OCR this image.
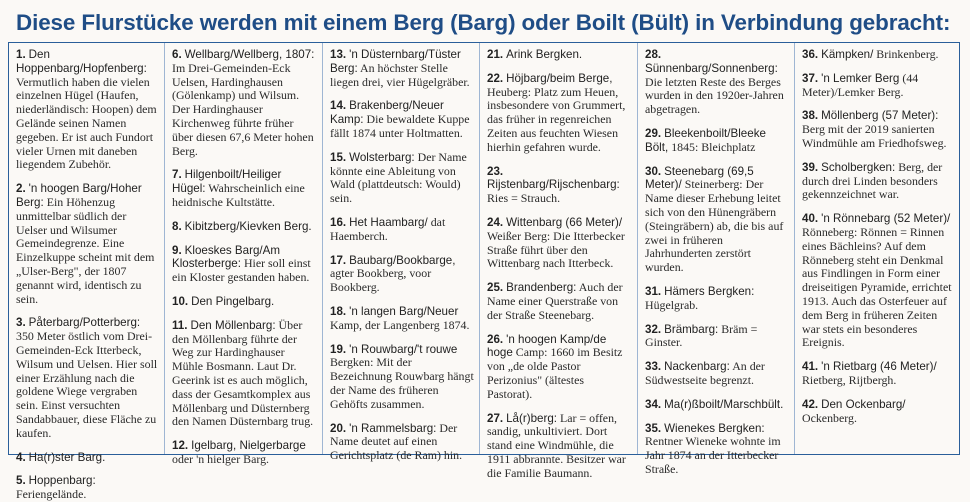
Diese Flurstücke werden mit einem Berg (Barg) oder Boilt (Bült) in Verbindung gebracht:
1. Den Hoppenbarg/Hopfenberg: Vermutlich haben die vielen einzelnen Hügel (Haufen, niederländisch: Hoopen) dem Gelände seinen Namen gegeben. Er ist auch Fundort vieler Urnen mit daneben liegendem Zubehör.
2. 'n hoogen Barg/Hoher Berg: Ein Höhenzug unmittelbar südlich der Uelser und Wilsumer Gemeindegrenze. Eine Einzelkuppe scheint mit dem „Ulser-Berg", der 1807 genannt wird, identisch zu sein.
3. Påterbarg/Potterberg: 350 Meter östlich vom Drei-Gemeinden-Eck Itterbeck, Wilsum und Uelsen. Hier soll einer Erzählung nach die goldene Wiege vergraben sein. Einst versuchten Sandabbauer, diese Fläche zu kaufen.
4. Ha(r)ster Barg.
5. Hoppenbarg: Feriengelände.
6. Wellbarg/Wellberg, 1807: Im Drei-Gemeinden-Eck Uelsen, Hardinghausen (Gölenkamp) und Wilsum. Der Hardinghauser Kirchenweg führte früher über diesen 67,6 Meter hohen Berg.
7. Hilgenboilt/Heiliger Hügel: Wahrscheinlich eine heidnische Kultstätte.
8. Kibitzberg/Kievken Berg.
9. Kloeskes Barg/Am Klosterberge: Hier soll einst ein Kloster gestanden haben.
10. Den Pingelbarg.
11. Den Möllenbarg: Über den Möllenbarg führte der Weg zur Hardinghauser Mühle Bosmann. Laut Dr. Geerink ist es auch möglich, dass der Gesamtkomplex aus Möllenbarg und Düsternberg den Namen Düsternbarg trug.
12. Igelbarg, Nielgerbarge oder 'n hielger Barg.
13. 'n Düsternbarg/Tüster Berg: An höchster Stelle liegen drei, vier Hügelgräber.
14. Brakenberg/Neuer Kamp: Die bewaldete Kuppe fällt 1874 unter Holtmatten.
15. Wolsterbarg: Der Name könnte eine Ableitung von Wald (plattdeutsch: Would) sein.
16. Het Haambarg/ dat Haemberch.
17. Baubarg/Bookbarge, agter Bookberg, voor Bookberg.
18. 'n langen Barg/Neuer Kamp, der Langenberg 1874.
19. 'n Rouwbarg/'t rouwe Bergken: Mit der Bezeichnung Rouwbarg hängt der Name des früheren Gehöfts zusammen.
20. 'n Rammelsbarg: Der Name deutet auf einen Gerichtsplatz (de Ram) hin.
21. Arink Bergken.
22. Höjbarg/beim Berge, Heuberg: Platz zum Heuen, insbesondere von Grummert, das früher in regenreichen Zeiten aus feuchten Wiesen hierhin gefahren wurde.
23. Rijstenbarg/Rijschenbarg: Ries = Strauch.
24. Wittenbarg (66 Meter)/ Weißer Berg: Die Itterbecker Straße führt über den Wittenbarg nach Itterbeck.
25. Brandenberg: Auch der Name einer Querstraße von der Straße Steenebarg.
26. 'n hoogen Kamp/de hoge Camp: 1660 im Besitz von „de olde Pastor Perizonius" (ältestes Pastorat).
27. Lå(r)berg: Lar = offen, sandig, unkultiviert. Dort stand eine Windmühle, die 1911 abbrannte. Besitzer war die Familie Baumann.
28. Sünnenbarg/Sonnenberg: Die letzten Reste des Berges wurden in den 1920er-Jahren abgetragen.
29. Bleekenboilt/Bleeke Bölt, 1845: Bleichplatz
30. Steenebarg (69,5 Meter)/ Steinerberg: Der Name dieser Erhebung leitet sich von den Hünengräbern (Steingräbern) ab, die bis auf zwei in früheren Jahrhunderten zerstört wurden.
31. Hämers Bergken: Hügelgrab.
32. Brämbarg: Bräm = Ginster.
33. Nackenbarg: An der Südwestseite begrenzt.
34. Ma(r)ßboilt/Marschbült.
35. Wienekes Bergken: Rentner Wieneke wohnte im Jahr 1874 an der Itterbecker Straße.
36. Kämpken/ Brinkenberg.
37. 'n Lemker Berg (44 Meter)/Lemker Berg.
38. Möllenberg (57 Meter): Berg mit der 2019 sanierten Windmühle am Friedhofsweg.
39. Scholbergken: Berg, der durch drei Linden besonders gekennzeichnet war.
40. 'n Rönnebarg (52 Meter)/ Rönneberg: Rönnen = Rinnen eines Bächleins? Auf dem Rönneberg steht ein Denkmal aus Findlingen in Form einer dreiseitigen Pyramide, errichtet 1913. Auch das Osterfeuer auf dem Berg in früheren Zeiten war stets ein besonderes Ereignis.
41. 'n Rietbarg (46 Meter)/ Rietberg, Rijtbergh.
42. Den Ockenbarg/ Ockenberg.
